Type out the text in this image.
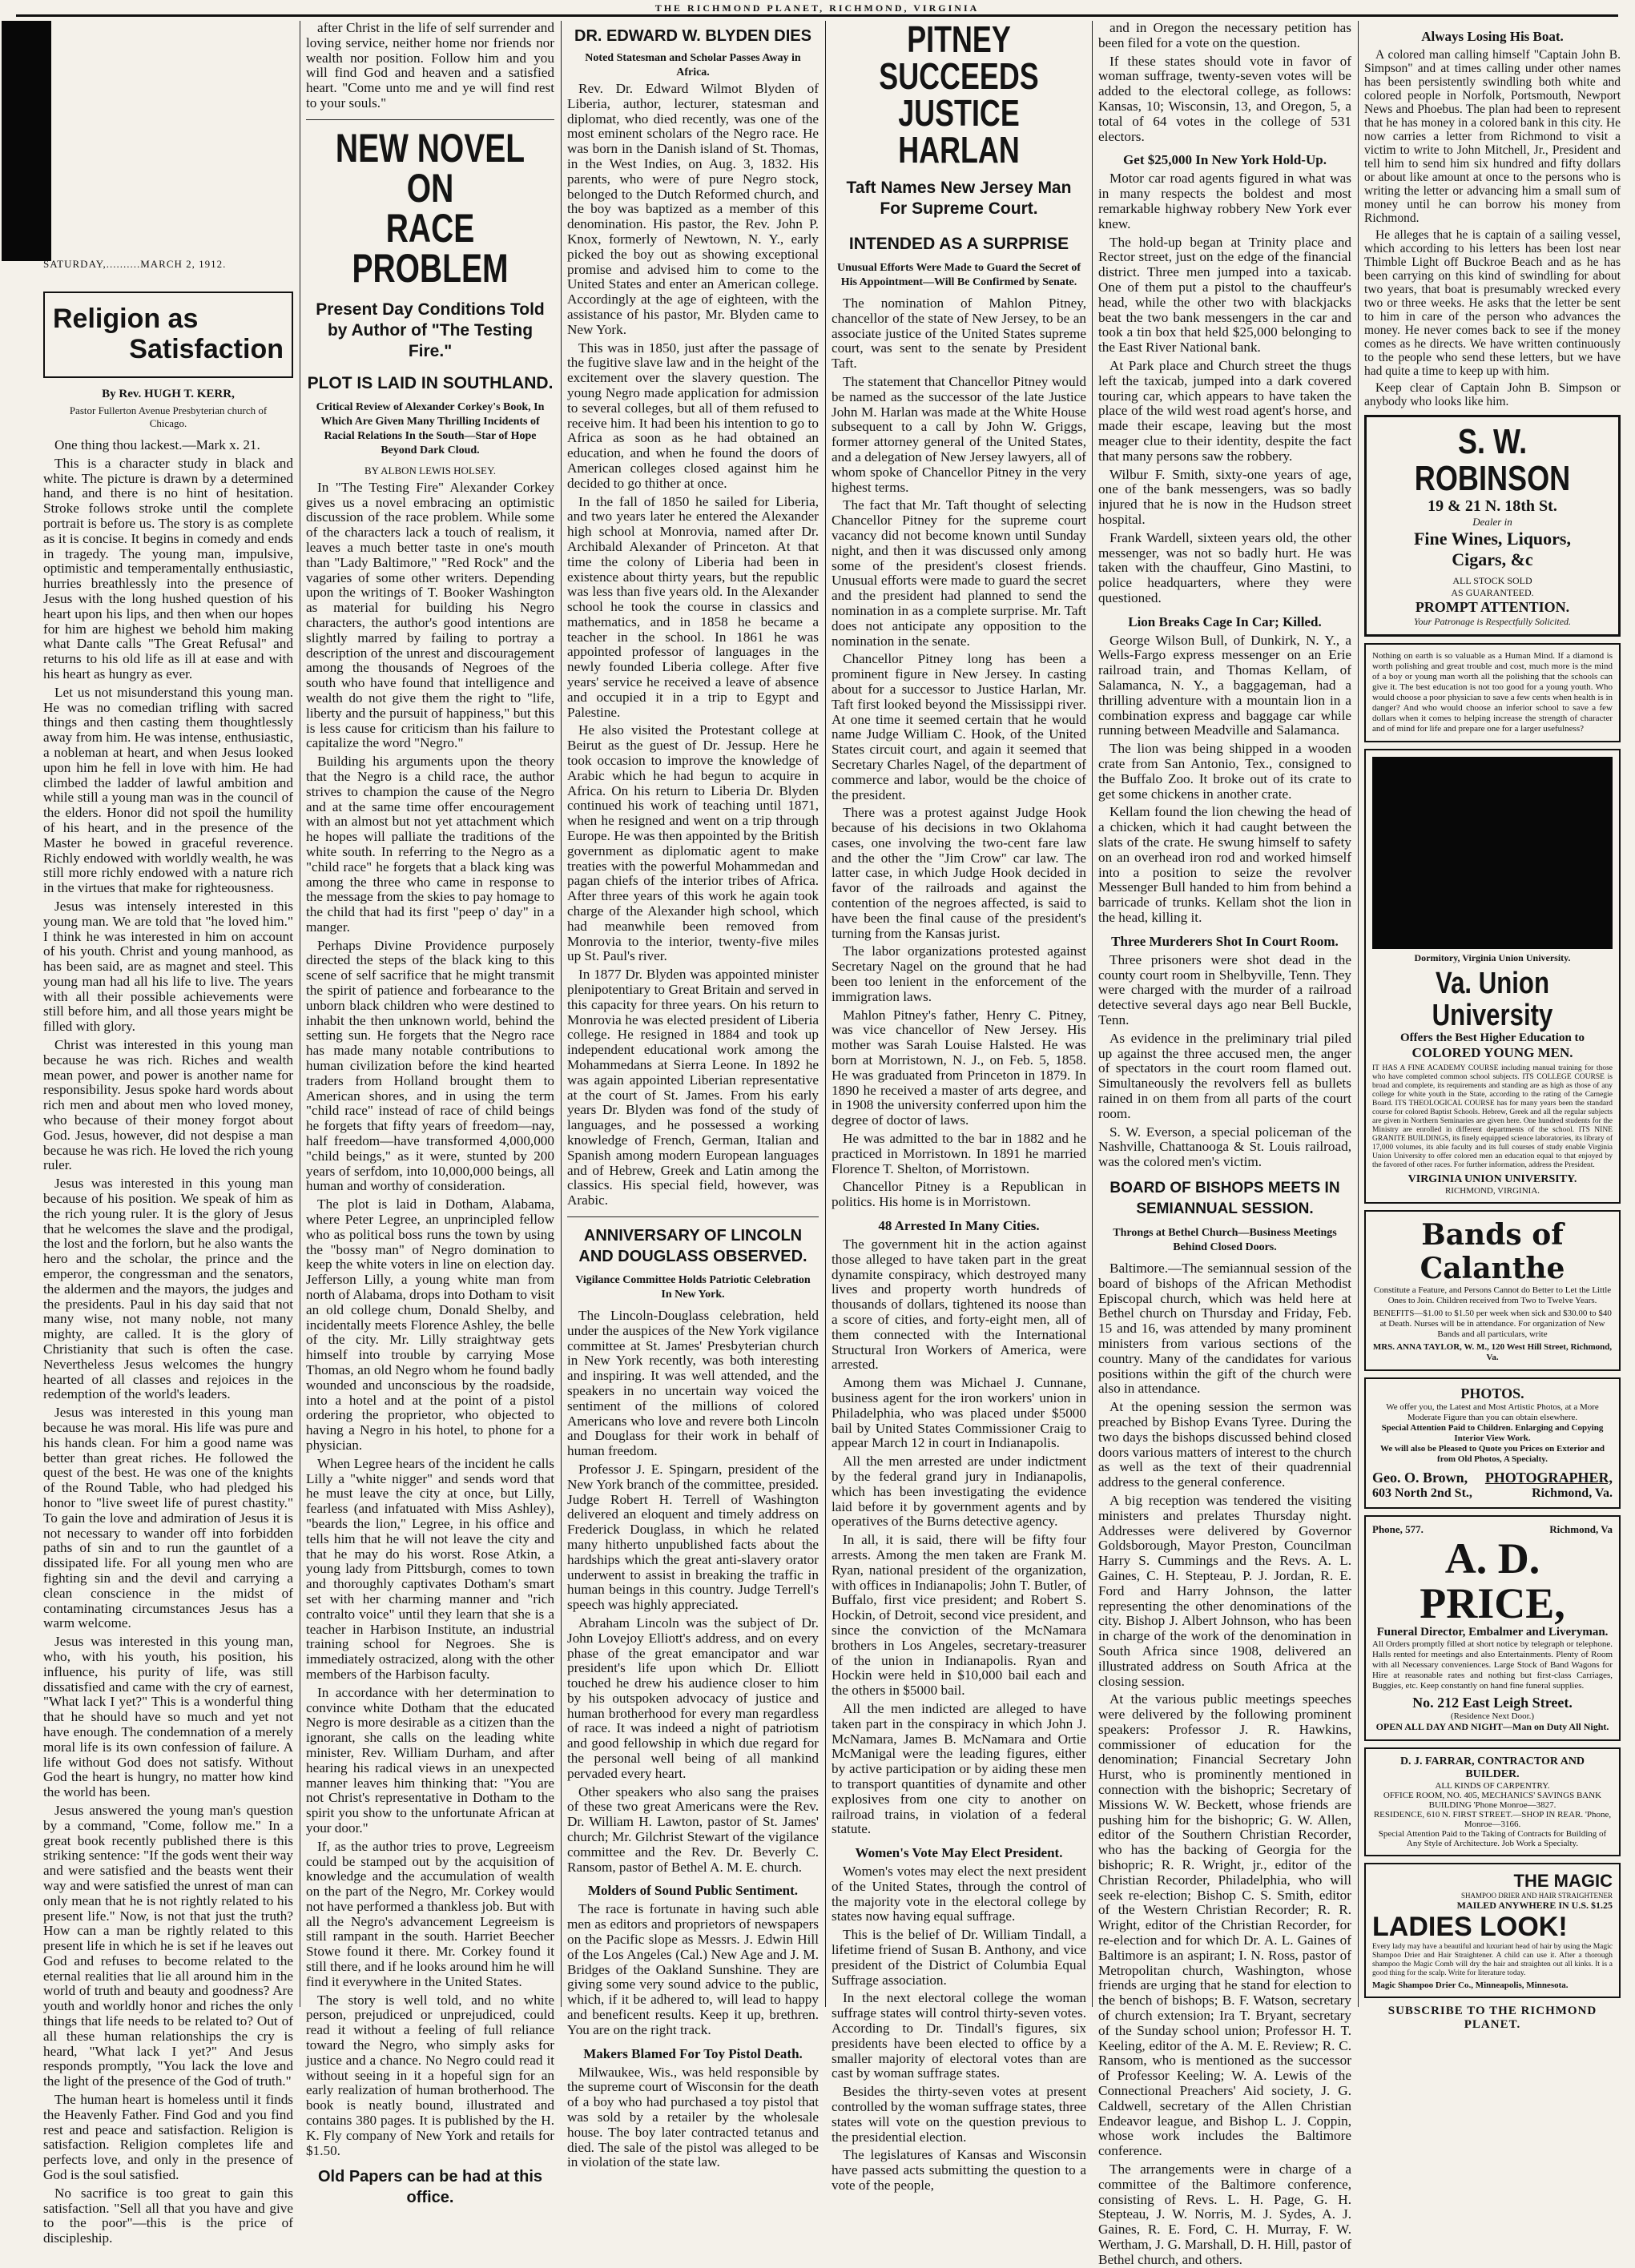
THE RICHMOND PLANET, RICHMOND, VIRGINIA
SATURDAY,..........MARCH 2, 1912.
Religion as
Satisfaction
By Rev. HUGH T. KERR,
Pastor Fullerton Avenue Presbyterian church of Chicago.

One thing thou lackest.—Mark x. 21.

This is a character study in black and white. The picture is drawn by a determined hand, and there is no hint of hesitation. Stroke follows stroke until the complete portrait is before us. The story is as complete as it is concise. It begins in comedy and ends in tragedy. The young man, impulsive, optimistic and temperamentally enthusiastic, hurries breathlessly into the presence of Jesus with the long hushed question of his heart upon his lips, and then when our hopes for him are highest we behold him making what Dante calls "The Great Refusal" and returns to his old life as ill at ease and with his heart as hungry as ever.

Let us not misunderstand this young man. He was no comedian trifling with sacred things and then casting them thoughtlessly away from him. He was intense, enthusiastic, a nobleman at heart, and when Jesus looked upon him he fell in love with him. He had climbed the ladder of lawful ambition and while still a young man was in the council of the elders. Honor did not spoil the humility of his heart, and in the presence of the Master he bowed in graceful reverence. Richly endowed with worldly wealth, he was still more richly endowed with a nature rich in the virtues that make for righteousness.

Jesus was intensely interested in this young man. We are told that "he loved him." I think he was interested in him on account of his youth. Christ and young manhood, as has been said, are as magnet and steel. This young man had all his life to live. The years with all their possible achievements were still before him, and all those years might be filled with glory.

Christ was interested in this young man because he was rich. Riches and wealth mean power, and power is another name for responsibility. Jesus spoke hard words about rich men and about men who loved money, who because of their money forgot about God. Jesus, however, did not despise a man because he was rich. He loved the rich young ruler.

Jesus was interested in this young man because of his position. We speak of him as the rich young ruler. It is the glory of Jesus that he welcomes the slave and the prodigal, the lost and the forlorn, but he also wants the hero and the scholar, the prince and the emperor, the congressman and the senators, the aldermen and the mayors, the judges and the presidents. Paul in his day said that not many wise, not many noble, not many mighty, are called. It is the glory of Christianity that such is often the case. Nevertheless Jesus welcomes the hungry hearted of all classes and rejoices in the redemption of the world's leaders.

Jesus was interested in this young man because he was moral. His life was pure and his hands clean. For him a good name was better than great riches. He followed the quest of the best. He was one of the knights of the Round Table, who had pledged his honor to "live sweet life of purest chastity." To gain the love and admiration of Jesus it is not necessary to wander off into forbidden paths of sin and to run the gauntlet of a dissipated life. For all young men who are fighting sin and the devil and carrying a clean conscience in the midst of contaminating circumstances Jesus has a warm welcome.

Jesus was interested in this young man, who, with his youth, his position, his influence, his purity of life, was still dissatisfied and came with the cry of earnest, "What lack I yet?" This is a wonderful thing that he should have so much and yet not have enough. The condemnation of a merely moral life is its own confession of failure. A life without God does not satisfy. Without God the heart is hungry, no matter how kind the world has been.

Jesus answered the young man's question by a command, "Come, follow me." In a great book recently published there is this striking sentence: "If the gods went their way and were satisfied and the beasts went their way and were satisfied the unrest of man can only mean that he is not rightly related to his present life." Now, is not that just the truth? How can a man be rightly related to this present life in which he is set if he leaves out God and refuses to become related to the eternal realities that lie all around him in the world of truth and beauty and goodness? Are youth and worldly honor and riches the only things that life needs to be related to? Out of all these human relationships the cry is heard, "What lack I yet?" And Jesus responds promptly, "You lack the love and the light of the presence of the God of truth."

The human heart is homeless until it finds the Heavenly Father. Find God and you find rest and peace and satisfaction. Religion is satisfaction. Religion completes life and perfects love, and only in the presence of God is the soul satisfied.

No sacrifice is too great to gain this satisfaction. "Sell all that you have and give to the poor"—this is the price of discipleship.

after Christ in the life of self surrender and loving service, neither home nor friends nor wealth nor position. Follow him and you will find God and heaven and a satisfied heart. "Come unto me and ye will find rest to your souls."

NEW NOVEL ON
RACE PROBLEM
Present Day Conditions Told by Author of "The Testing Fire."
PLOT IS LAID IN SOUTHLAND.
Critical Review of Alexander Corkey's Book, In Which Are Given Many Thrilling Incidents of Racial Relations In the South—Star of Hope Beyond Dark Cloud.
BY ALBON LEWIS HOLSEY.

In "The Testing Fire" Alexander Corkey gives us a novel embracing an optimistic discussion of the race problem. While some of the characters lack a touch of realism, it leaves a much better taste in one's mouth than "Lady Baltimore," "Red Rock" and the vagaries of some other writers. Depending upon the writings of T. Booker Washington as material for building his Negro characters, the author's good intentions are slightly marred by failing to portray a description of the unrest and discouragement among the thousands of Negroes of the south who have found that intelligence and wealth do not give them the right to "life, liberty and the pursuit of happiness," but this is less cause for criticism than his failure to capitalize the word "Negro."

Building his arguments upon the theory that the Negro is a child race, the author strives to champion the cause of the Negro and at the same time offer encouragement with an almost but not yet attachment which he hopes will palliate the traditions of the white south. In referring to the Negro as a "child race" he forgets that a black king was among the three who came in response to the message from the skies to pay homage to the child that had its first "peep o' day" in a manger.

Perhaps Divine Providence purposely directed the steps of the black king to this scene of self sacrifice that he might transmit the spirit of patience and forbearance to the unborn black children who were destined to inhabit the then unknown world, behind the setting sun. He forgets that the Negro race has made many notable contributions to human civilization before the kind hearted traders from Holland brought them to American shores, and in using the term "child race" instead of race of child beings he forgets that fifty years of freedom—nay, half freedom—have transformed 4,000,000 "child beings," as it were, stunted by 200 years of serfdom, into 10,000,000 beings, all human and worthy of consideration.

The plot is laid in Dotham, Alabama, where Peter Legree, an unprincipled fellow who as political boss runs the town by using the "bossy man" of Negro domination to keep the white voters in line on election day. Jefferson Lilly, a young white man from north of Alabama, drops into Dotham to visit an old college chum, Donald Shelby, and incidentally meets Florence Ashley, the belle of the city. Mr. Lilly straightway gets himself into trouble by carrying Mose Thomas, an old Negro whom he found badly wounded and unconscious by the roadside, into a hotel and at the point of a pistol ordering the proprietor, who objected to having a Negro in his hotel, to phone for a physician.

When Legree hears of the incident he calls Lilly a "white nigger" and sends word that he must leave the city at once, but Lilly, fearless (and infatuated with Miss Ashley), "beards the lion," Legree, in his office and tells him that he will not leave the city and that he may do his worst. Rose Atkin, a young lady from Pittsburgh, comes to town and thoroughly captivates Dotham's smart set with her charming manner and "rich contralto voice" until they learn that she is a teacher in Harbison Institute, an industrial training school for Negroes. She is immediately ostracized, along with the other members of the Harbison faculty.

In accordance with her determination to convince white Dotham that the educated Negro is more desirable as a citizen than the ignorant, she calls on the leading white minister, Rev. William Durham, and after hearing his radical views in an unexpected manner leaves him thinking that: "You are not Christ's representative in Dotham to the spirit you show to the unfortunate African at your door."

If, as the author tries to prove, Legreeism could be stamped out by the acquisition of knowledge and the accumulation of wealth on the part of the Negro, Mr. Corkey would not have performed a thankless job. But with all the Negro's advancement Legreeism is still rampant in the south. Harriet Beecher Stowe found it there. Mr. Corkey found it still there, and if he looks around him he will find it everywhere in the United States.

The story is well told, and no white person, prejudiced or unprejudiced, could read it without a feeling of full reliance toward the Negro, who simply asks for justice and a chance. No Negro could read it without seeing in it a hopeful sign for an early realization of human brotherhood. The book is neatly bound, illustrated and contains 380 pages. It is published by the H. K. Fly company of New York and retails for $1.50.

Old Papers can be had at this office.
DR. EDWARD W. BLYDEN DIES
Noted Statesman and Scholar Passes Away in Africa.

Rev. Dr. Edward Wilmot Blyden of Liberia, author, lecturer, statesman and diplomat, who died recently, was one of the most eminent scholars of the Negro race. He was born in the Danish island of St. Thomas, in the West Indies, on Aug. 3, 1832. His parents, who were of pure Negro stock, belonged to the Dutch Reformed church, and the boy was baptized as a member of this denomination. His pastor, the Rev. John P. Knox, formerly of Newtown, N. Y., early picked the boy out as showing exceptional promise and advised him to come to the United States and enter an American college. Accordingly at the age of eighteen, with the assistance of his pastor, Mr. Blyden came to New York.

This was in 1850, just after the passage of the fugitive slave law and in the height of the excitement over the slavery question. The young Negro made application for admission to several colleges, but all of them refused to receive him. It had been his intention to go to Africa as soon as he had obtained an education, and when he found the doors of American colleges closed against him he decided to go thither at once.

In the fall of 1850 he sailed for Liberia, and two years later he entered the Alexander high school at Monrovia, named after Dr. Archibald Alexander of Princeton. At that time the colony of Liberia had been in existence about thirty years, but the republic was less than five years old. In the Alexander school he took the course in classics and mathematics, and in 1858 he became a teacher in the school. In 1861 he was appointed professor of languages in the newly founded Liberia college. After five years' service he received a leave of absence and occupied it in a trip to Egypt and Palestine.

He also visited the Protestant college at Beirut as the guest of Dr. Jessup. Here he took occasion to improve the knowledge of Arabic which he had begun to acquire in Africa. On his return to Liberia Dr. Blyden continued his work of teaching until 1871, when he resigned and went on a trip through Europe. He was then appointed by the British government as diplomatic agent to make treaties with the powerful Mohammedan and pagan chiefs of the interior tribes of Africa. After three years of this work he again took charge of the Alexander high school, which had meanwhile been removed from Monrovia to the interior, twenty-five miles up St. Paul's river.

In 1877 Dr. Blyden was appointed minister plenipotentiary to Great Britain and served in this capacity for three years. On his return to Monrovia he was elected president of Liberia college. He resigned in 1884 and took up independent educational work among the Mohammedans at Sierra Leone. In 1892 he was again appointed Liberian representative at the court of St. James. From his early years Dr. Blyden was fond of the study of languages, and he possessed a working knowledge of French, German, Italian and Spanish among modern European languages and of Hebrew, Greek and Latin among the classics. His special field, however, was Arabic.

ANNIVERSARY OF LINCOLN AND DOUGLASS OBSERVED.
Vigilance Committee Holds Patriotic Celebration In New York.

The Lincoln-Douglass celebration, held under the auspices of the New York vigilance committee at St. James' Presbyterian church in New York recently, was both interesting and inspiring. It was well attended, and the speakers in no uncertain way voiced the sentiment of the millions of colored Americans who love and revere both Lincoln and Douglass for their work in behalf of human freedom.

Professor J. E. Spingarn, president of the New York branch of the committee, presided. Judge Robert H. Terrell of Washington delivered an eloquent and timely address on Frederick Douglass, in which he related many hitherto unpublished facts about the hardships which the great anti-slavery orator underwent to assist in breaking the traffic in human beings in this country. Judge Terrell's speech was highly appreciated.

Abraham Lincoln was the subject of Dr. John Lovejoy Elliott's address, and on every phase of the great emancipator and war president's life upon which Dr. Elliott touched he drew his audience closer to him by his outspoken advocacy of justice and human brotherhood for every man regardless of race. It was indeed a night of patriotism and good fellowship in which due regard for the personal well being of all mankind pervaded every heart.

Other speakers who also sang the praises of these two great Americans were the Rev. Dr. William H. Lawton, pastor of St. James' church; Mr. Gilchrist Stewart of the vigilance committee and the Rev. Dr. Beverly C. Ransom, pastor of Bethel A. M. E. church.

Molders of Sound Public Sentiment.

The race is fortunate in having such able men as editors and proprietors of newspapers on the Pacific slope as Messrs. J. Edwin Hill of the Los Angeles (Cal.) New Age and J. M. Bridges of the Oakland Sunshine. They are giving some very sound advice to the public, which, if it be adhered to, will lead to happy and beneficent results. Keep it up, brethren. You are on the right track.

Makers Blamed For Toy Pistol Death.

Milwaukee, Wis., was held responsible by the supreme court of Wisconsin for the death of a boy who had purchased a toy pistol that was sold by a retailer by the wholesale house. The boy later contracted tetanus and died. The sale of the pistol was alleged to be in violation of the state law.

PITNEY SUCCEEDS
JUSTICE HARLAN
Taft Names New Jersey Man For Supreme Court.
INTENDED AS A SURPRISE
Unusual Efforts Were Made to Guard the Secret of His Appointment—Will Be Confirmed by Senate.

The nomination of Mahlon Pitney, chancellor of the state of New Jersey, to be an associate justice of the United States supreme court, was sent to the senate by President Taft.

The statement that Chancellor Pitney would be named as the successor of the late Justice John M. Harlan was made at the White House subsequent to a call by John W. Griggs, former attorney general of the United States, and a delegation of New Jersey lawyers, all of whom spoke of Chancellor Pitney in the very highest terms.

The fact that Mr. Taft thought of selecting Chancellor Pitney for the supreme court vacancy did not become known until Sunday night, and then it was discussed only among some of the president's closest friends. Unusual efforts were made to guard the secret and the president had planned to send the nomination in as a complete surprise. Mr. Taft does not anticipate any opposition to the nomination in the senate.

Chancellor Pitney long has been a prominent figure in New Jersey. In casting about for a successor to Justice Harlan, Mr. Taft first looked beyond the Mississippi river. At one time it seemed certain that he would name Judge William C. Hook, of the United States circuit court, and again it seemed that Secretary Charles Nagel, of the department of commerce and labor, would be the choice of the president.

There was a protest against Judge Hook because of his decisions in two Oklahoma cases, one involving the two-cent fare law and the other the "Jim Crow" car law. The latter case, in which Judge Hook decided in favor of the railroads and against the contention of the negroes affected, is said to have been the final cause of the president's turning from the Kansas jurist.

The labor organizations protested against Secretary Nagel on the ground that he had been too lenient in the enforcement of the immigration laws.

Mahlon Pitney's father, Henry C. Pitney, was vice chancellor of New Jersey. His mother was Sarah Louise Halsted. He was born at Morristown, N. J., on Feb. 5, 1858. He was graduated from Princeton in 1879. In 1890 he received a master of arts degree, and in 1908 the university conferred upon him the degree of doctor of laws.

He was admitted to the bar in 1882 and he practiced in Morristown. In 1891 he married Florence T. Shelton, of Morristown.

Chancellor Pitney is a Republican in politics. His home is in Morristown.

48 Arrested In Many Cities.

The government hit in the action against those alleged to have taken part in the great dynamite conspiracy, which destroyed many lives and property worth hundreds of thousands of dollars, tightened its noose than a score of cities, and forty-eight men, all of them connected with the International Structural Iron Workers of America, were arrested.

Among them was Michael J. Cunnane, business agent for the iron workers' union in Philadelphia, who was placed under $5000 bail by United States Commissioner Craig to appear March 12 in court in Indianapolis.

All the men arrested are under indictment by the federal grand jury in Indianapolis, which has been investigating the evidence laid before it by government agents and by operatives of the Burns detective agency.

In all, it is said, there will be fifty four arrests. Among the men taken are Frank M. Ryan, national president of the organization, with offices in Indianapolis; John T. Butler, of Buffalo, first vice president; and Robert S. Hockin, of Detroit, second vice president, and since the conviction of the McNamara brothers in Los Angeles, secretary-treasurer of the union in Indianapolis. Ryan and Hockin were held in $10,000 bail each and the others in $5000 bail.

All the men indicted are alleged to have taken part in the conspiracy in which John J. McNamara, James B. McNamara and Ortie McManigal were the leading figures, either by active participation or by aiding these men to transport quantities of dynamite and other explosives from one city to another on railroad trains, in violation of a federal statute.

Women's Vote May Elect President.

Women's votes may elect the next president of the United States, through the control of the majority vote in the electoral college by states now having equal suffrage.

This is the belief of Dr. William Tindall, a lifetime friend of Susan B. Anthony, and vice president of the District of Columbia Equal Suffrage association.

In the next electoral college the woman suffrage states will control thirty-seven votes. According to Dr. Tindall's figures, six presidents have been elected to office by a smaller majority of electoral votes than are cast by woman suffrage states.

Besides the thirty-seven votes at present controlled by the woman suffrage states, three states will vote on the question previous to the presidential election.

The legislatures of Kansas and Wisconsin have passed acts submitting the question to a vote of the people,

and in Oregon the necessary petition has been filed for a vote on the question.

If these states should vote in favor of woman suffrage, twenty-seven votes will be added to the electoral college, as follows: Kansas, 10; Wisconsin, 13, and Oregon, 5, a total of 64 votes in the college of 531 electors.

Get $25,000 In New York Hold-Up.

Motor car road agents figured in what was in many respects the boldest and most remarkable highway robbery New York ever knew.

The hold-up began at Trinity place and Rector street, just on the edge of the financial district. Three men jumped into a taxicab. One of them put a pistol to the chauffeur's head, while the other two with blackjacks beat the two bank messengers in the car and took a tin box that held $25,000 belonging to the East River National bank.

At Park place and Church street the thugs left the taxicab, jumped into a dark covered touring car, which appears to have taken the place of the wild west road agent's horse, and made their escape, leaving but the most meager clue to their identity, despite the fact that many persons saw the robbery.

Wilbur F. Smith, sixty-one years of age, one of the bank messengers, was so badly injured that he is now in the Hudson street hospital.

Frank Wardell, sixteen years old, the other messenger, was not so badly hurt. He was taken with the chauffeur, Gino Mastini, to police headquarters, where they were questioned.

Lion Breaks Cage In Car; Killed.

George Wilson Bull, of Dunkirk, N. Y., a Wells-Fargo express messenger on an Erie railroad train, and Thomas Kellam, of Salamanca, N. Y., a baggageman, had a thrilling adventure with a mountain lion in a combination express and baggage car while running between Meadville and Salamanca.

The lion was being shipped in a wooden crate from San Antonio, Tex., consigned to the Buffalo Zoo. It broke out of its crate to get some chickens in another crate.

Kellam found the lion chewing the head of a chicken, which it had caught between the slats of the crate. He swung himself to safety on an overhead iron rod and worked himself into a position to seize the revolver Messenger Bull handed to him from behind a barricade of trunks. Kellam shot the lion in the head, killing it.

Three Murderers Shot In Court Room.

Three prisoners were shot dead in the county court room in Shelbyville, Tenn. They were charged with the murder of a railroad detective several days ago near Bell Buckle, Tenn.

As evidence in the preliminary trial piled up against the three accused men, the anger of spectators in the court room flamed out. Simultaneously the revolvers fell as bullets rained in on them from all parts of the court room.

S. W. Everson, a special policeman of the Nashville, Chattanooga & St. Louis railroad, was the colored men's victim.

BOARD OF BISHOPS MEETS IN SEMIANNUAL SESSION.
Throngs at Bethel Church—Business Meetings Behind Closed Doors.

Baltimore.—The semiannual session of the board of bishops of the African Methodist Episcopal church, which was held here at Bethel church on Thursday and Friday, Feb. 15 and 16, was attended by many prominent ministers from various sections of the country. Many of the candidates for various positions within the gift of the church were also in attendance.

At the opening session the sermon was preached by Bishop Evans Tyree. During the two days the bishops discussed behind closed doors various matters of interest to the church as well as the text of their quadrennial address to the general conference.

A big reception was tendered the visiting ministers and prelates Thursday night. Addresses were delivered by Governor Goldsborough, Mayor Preston, Councilman Harry S. Cummings and the Revs. A. L. Gaines, C. H. Stepteau, P. J. Jordan, R. E. Ford and Harry Johnson, the latter representing the other denominations of the city. Bishop J. Albert Johnson, who has been in charge of the work of the denomination in South Africa since 1908, delivered an illustrated address on South Africa at the closing session.

At the various public meetings speeches were delivered by the following prominent speakers: Professor J. R. Hawkins, commissioner of education for the denomination; Financial Secretary John Hurst, who is prominently mentioned in connection with the bishopric; Secretary of Missions W. W. Beckett, whose friends are pushing him for the bishopric; G. W. Allen, editor of the Southern Christian Recorder, who has the backing of Georgia for the bishopric; R. R. Wright, jr., editor of the Christian Recorder, Philadelphia, who will seek re-election; Bishop C. S. Smith, editor of the Western Christian Recorder; R. R. Wright, editor of the Christian Recorder, for re-election and for which Dr. A. L. Gaines of Baltimore is an aspirant; I. N. Ross, pastor of Metropolitan church, Washington, whose friends are urging that he stand for election to the bench of bishops; B. F. Watson, secretary of church extension; Ira T. Bryant, secretary of the Sunday school union; Professor H. T. Keeling, editor of the A. M. E. Review; R. C. Ransom, who is mentioned as the successor of Professor Keeling; W. A. Lewis of the Connectional Preachers' Aid society, J. G. Caldwell, secretary of the Allen Christian Endeavor league, and Bishop L. J. Coppin, whose work includes the Baltimore conference.

The arrangements were in charge of a committee of the Baltimore conference, consisting of Revs. L. H. Page, G. H. Stepteau, J. W. Norris, M. J. Sydes, A. J. Gaines, R. E. Ford, C. H. Murray, F. W. Wertham, J. G. Marshall, D. H. Hill, pastor of Bethel church, and others.

Always Losing His Boat.

A colored man calling himself "Captain John B. Simpson" and at times calling under other names has been persistently swindling both white and colored people in Norfolk, Portsmouth, Newport News and Phoebus. The plan had been to represent that he has money in a colored bank in this city. He now carries a letter from Richmond to visit a victim to write to John Mitchell, Jr., President and tell him to send him six hundred and fifty dollars or about like amount at once to the persons who is writing the letter or advancing him a small sum of money until he can borrow his money from Richmond.

He alleges that he is captain of a sailing vessel, which according to his letters has been lost near Thimble Light off Buckroe Beach and as he has been carrying on this kind of swindling for about two years, that boat is presumably wrecked every two or three weeks. He asks that the letter be sent to him in care of the person who advances the money. He never comes back to see if the money comes as he directs. We have written continuously to the people who send these letters, but we have had quite a time to keep up with him.

Keep clear of Captain John B. Simpson or anybody who looks like him.

S. W. ROBINSON
19 & 21 N. 18th St.
Dealer in
Fine Wines, Liquors,
Cigars, &c
ALL STOCK SOLD
AS GUARANTEED.
PROMPT ATTENTION.
Your Patronage is Respectfully Solicited.
Nothing on earth is so valuable as a Human Mind. If a diamond is worth polishing and great trouble and cost, much more is the mind of a boy or young man worth all the polishing that the schools can give it. The best education is not too good for a young youth. Who would choose a poor physician to save a few cents when health is in danger? And who would choose an inferior school to save a few dollars when it comes to helping increase the strength of character and of mind for life and prepare one for a larger usefulness?
Dormitory, Virginia Union University.
Va. Union University
Offers the Best Higher Education to
COLORED YOUNG MEN.
IT HAS A FINE ACADEMY COURSE including manual training for those who have completed common school subjects. ITS COLLEGE COURSE is broad and complete, its requirements and standing are as high as those of any college for white youth in the State, according to the rating of the Carnegie Board. ITS THEOLOGICAL COURSE has for many years been the standard course for colored Baptist Schools. Hebrew, Greek and all the regular subjects are given in Northern Seminaries are given here. One hundred students for the Ministry are enrolled in different departments of the school. ITS NINE GRANITE BUILDINGS, its finely equipped science laboratories, its library of 17,000 volumes, its able faculty and its full courses of study enable Virginia Union University to offer colored men an education equal to that enjoyed by the favored of other races. For further information, address the President.
VIRGINIA UNION UNIVERSITY.
RICHMOND, VIRGINIA.
Bands of Calanthe
Constitute a Feature, and Persons Cannot do Better to Let the Little Ones to Join. Children received from Two to Twelve Years.
BENEFITS—$1.00 to $1.50 per week when sick and $30.00 to $40 at Death. Nurses will be in attendance. For organization of New Bands and all particulars, write
MRS. ANNA TAYLOR, W. M., 120 West Hill Street, Richmond, Va.
PHOTOS.
We offer you, the Latest and Most Artistic Photos, at a More Moderate Figure than you can obtain elsewhere.
Special Attention Paid to Children. Enlarging and Copying Interior View Work.
We will also be Pleased to Quote you Prices on Exterior and from Old Photos, A Specialty.
Geo. O. Brown, PHOTOGRAPHER,
603 North 2nd St.,	Richmond, Va.
Phone, 577.	Richmond, Va
A. D. PRICE,
Funeral Director, Embalmer and Liveryman.
All Orders promptly filled at short notice by telegraph or telephone. Halls rented for meetings and also Entertainments. Plenty of Room with all Necessary conveniences. Large Stock of Band Wagons for Hire at reasonable rates and nothing but first-class Carriages, Buggies, etc. Keep constantly on hand fine funeral supplies.
No. 212 East Leigh Street.
(Residence Next Door.)
OPEN ALL DAY AND NIGHT—Man on Duty All Night.
D. J. FARRAR, CONTRACTOR AND BUILDER.
ALL KINDS OF CARPENTRY.
OFFICE ROOM, NO. 405, MECHANICS' SAVINGS BANK BUILDING 'Phone Monroe—3827.
RESIDENCE, 610 N. FIRST STREET.—SHOP IN REAR. 'Phone, Monroe—3166.
Special Attention Paid to the Taking of Contracts for Building of Any Style of Architecture. Job Work a Specialty.
THE MAGIC
SHAMPOO DRIER AND HAIR STRAIGHTENER
MAILED ANYWHERE IN U.S. $1.25
LADIES LOOK!
Every lady may have a beautiful and luxuriant head of hair by using the Magic Shampoo Drier and Hair Straightener. A child can use it. After a thorough shampoo the Magic Comb will dry the hair and straighten out all kinks. It is a good thing for the scalp. Write for literature today.
Magic Shampoo Drier Co., Minneapolis, Minnesota.
SUBSCRIBE TO THE RICHMOND PLANET.
